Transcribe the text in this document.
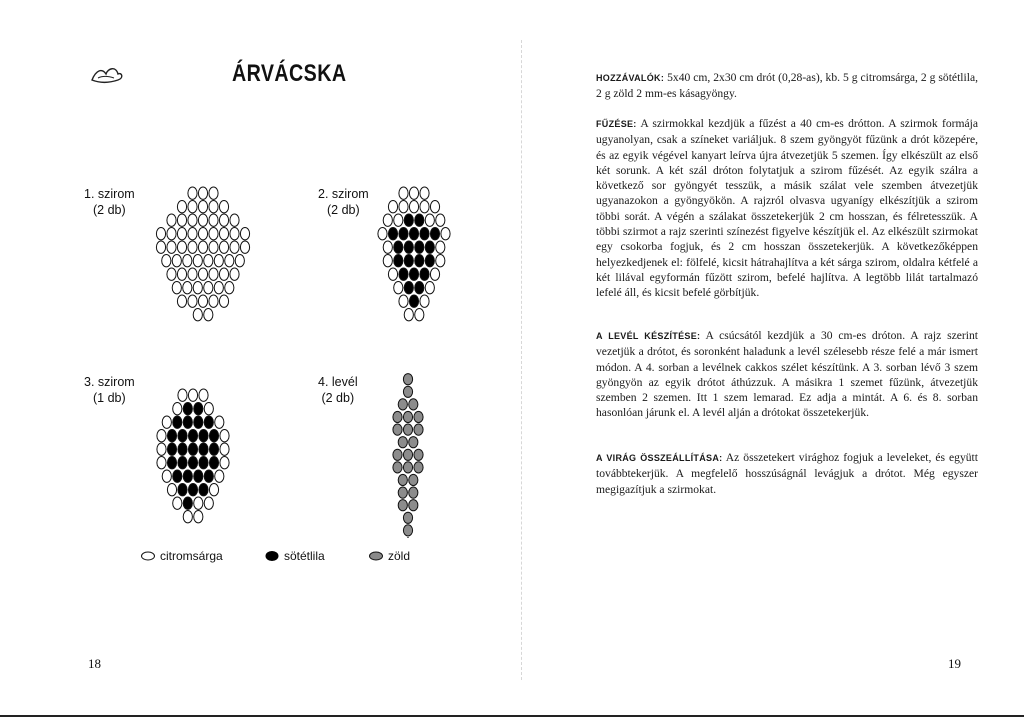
ÁRVÁCSKA
1. szirom
(2 db)
2. szirom
(2 db)
3. szirom
(1 db)
4. levél
(2 db)
citromsárga	sötétlila	zöld
18	19

HOZZÁVALÓK: 5x40 cm, 2x30 cm drót (0,28-as), kb. 5 g citromsárga, 2 g sötétlila, 2 g zöld 2 mm-es kásagyöngy.

FŰZÉSE: A szirmokkal kezdjük a fűzést a 40 cm-es drótton. A szirmok formája ugyanolyan, csak a színeket variáljuk. 8 szem gyöngyöt fűzünk a drót közepére, és az egyik végével kanyart leírva újra átvezetjük 5 szemen. Így elkészült az első két sorunk. A két szál dróton folytatjuk a szirom fűzését. Az egyik szálra a következő sor gyöngyét tesszük, a másik szálat vele szemben átvezetjük ugyanazokon a gyöngyökön. A rajzról olvasva ugyanígy elkészítjük a szirom többi sorát. A végén a szálakat összetekerjük 2 cm hosszan, és félretesszük. A többi szirmot a rajz szerinti színezést figyelve készítjük el. Az elkészült szirmokat egy csokorba fogjuk, és 2 cm hosszan összetekerjük. A következőképpen helyezkedjenek el: fölfelé, kicsit hátrahajlítva a két sárga szirom, oldalra kétfelé a két lilával egyformán fűzött szirom, befelé hajlítva. A legtöbb lilát tartalmazó lefelé áll, és kicsit befelé görbítjük.

A LEVÉL KÉSZÍTÉSE: A csúcsától kezdjük a 30 cm-es dróton. A rajz szerint vezetjük a drótot, és soronként haladunk a levél szélesebb része felé a már ismert módon. A 4. sorban a levélnek cakkos szélet készítünk. A 3. sorban lévő 3 szem gyöngyön az egyik drótot áthúzzuk. A másikra 1 szemet fűzünk, átvezetjük szemben 2 szemen. Itt 1 szem lemarad. Ez adja a mintát. A 6. és 8. sorban hasonlóan járunk el. A levél alján a drótokat összetekerjük.

A VIRÁG ÖSSZEÁLLÍTÁSA: Az összetekert virághoz fogjuk a leveleket, és együtt továbbtekerjük. A megfelelő hosszúságnál levágjuk a drótot. Még egyszer megigazítjuk a szirmokat.
